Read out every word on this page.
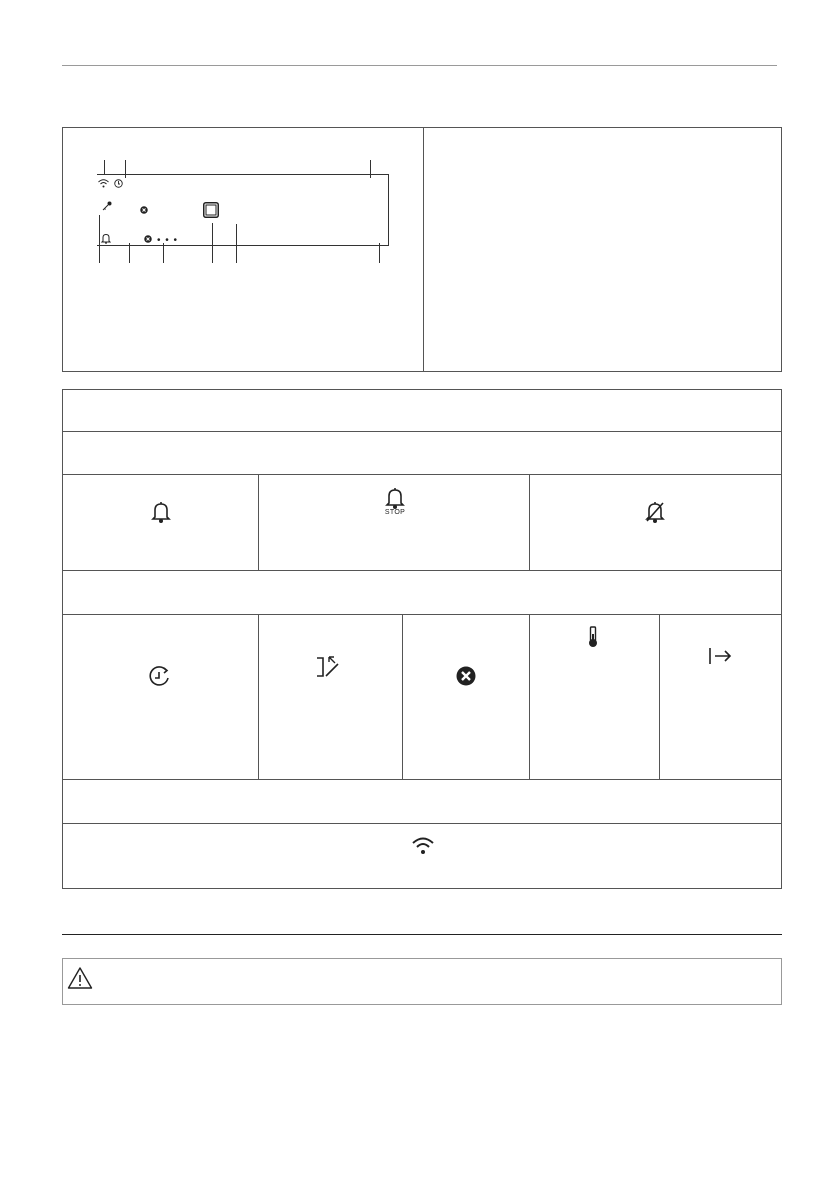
• • •
STOP
